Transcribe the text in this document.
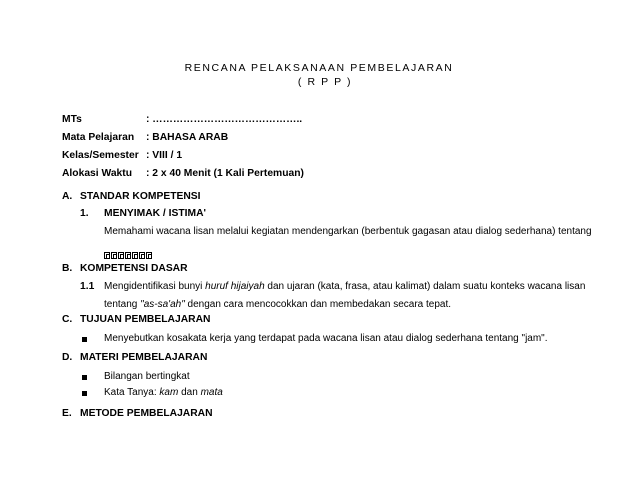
RENCANA PELAKSANAAN PEMBELAJARAN
( R P P )
MTs	: ……………………………………..
Mata Pelajaran : BAHASA ARAB
Kelas/Semester : VIII / 1
Alokasi Waktu : 2 x 40 Menit (1 Kali Pertemuan)
A. STANDAR KOMPETENSI
1. MENYIMAK / ISTIMA'
Memahami wacana lisan melalui kegiatan mendengarkan (berbentuk gagasan atau dialog sederhana) tentang
B. KOMPETENSI DASAR
1.1 Mengidentifikasi bunyi huruf hijaiyah dan ujaran (kata, frasa, atau kalimat) dalam suatu konteks wacana lisan
tentang "as-sa'ah" dengan cara mencocokkan dan membedakan secara tepat.
C. TUJUAN PEMBELAJARAN
Menyebutkan kosakata kerja yang terdapat pada wacana lisan atau dialog sederhana tentang "jam".
D. MATERI PEMBELAJARAN
Bilangan bertingkat
Kata Tanya: kam dan mata
E. METODE PEMBELAJARAN
